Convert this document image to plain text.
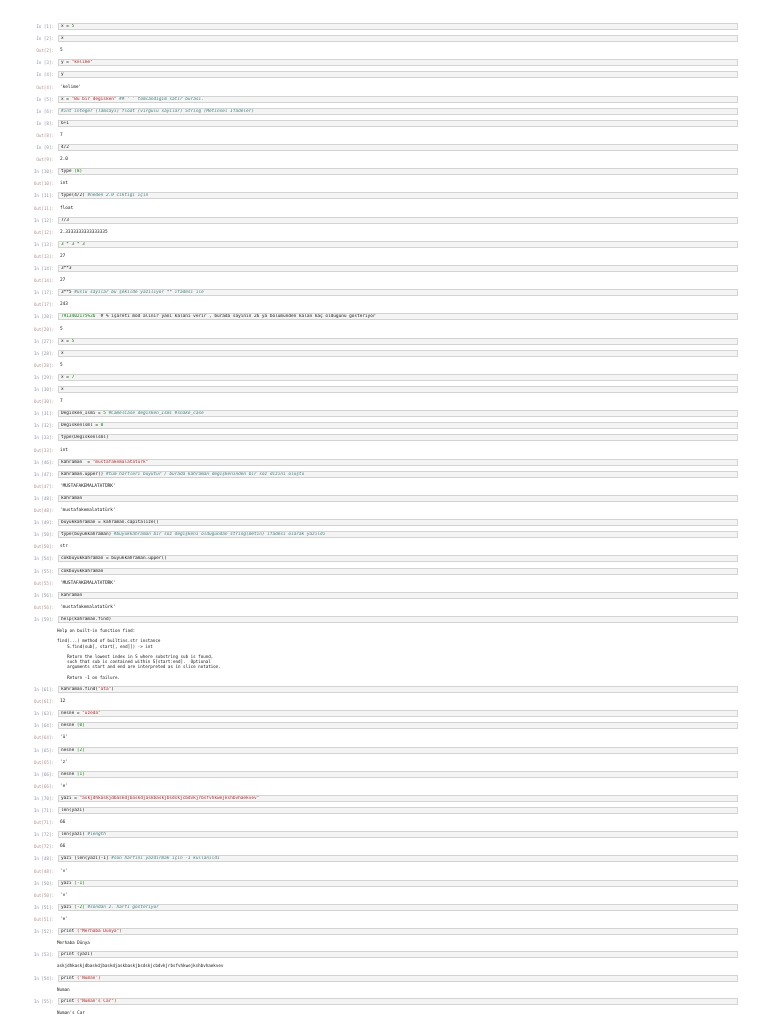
In [1]:	x = 5
In [2]:	x
Out[2]: 5
In [3]:	y = "kelime"
In [4]:	y
Out[4]: 'kelime'
In [5]:	x = "Bu bir degisken" ## ' ' tomlandığım satır burası.
In [6]:	#int integer (Tamsayı) float (virgülü sayılar) String (Metinsel İfadeler)
In [8]:	6+1
Out[8]: 7
In [9]:	4/2
Out[9]: 2.0
In [10]:	type (8)
Out[10]: int
In [11]:	type(4/2) #neden 2.0 cıktığı için
Out[11]: float
In [12]:	7/3
Out[12]: 2.3333333333333335
In [13]:	3 * 3 * 3
Out[13]: 27
In [14]:	3**3
Out[14]: 27
In [17]:	3**5 #üslü sayılar bu şekilde yazılıyor ** ifadesi ile
Out[17]: 243
In [20]:	7913402175%26  # % işareti mod alınır yani kalanı verir , burada sayının 26 ya bölümünden kalan kaç olduğunu gösteriyor
Out[20]: 5
In [27]:	x = 5
In [28]:	x
Out[28]: 5
In [29]:	x = 7
In [30]:	x
Out[30]: 7
In [31]:	Degisken_Ismi = 5 #CamelCase degisken_Ismi #snake_case
In [32]:	Degiskenlsml = 8
In [33]:	type(Degiskenlsml)
Out[33]: int
In [46]:	kahraman  = "mustafakemalatatürk"
In [47]:	kahraman.upper() #tüm harfleri büyütür / burada kahraman değişkeninden bir söz dizini oluştu
Out[47]: 'MUSTAFAKEMALATATÜRK'
In [48]:	kahraman
Out[48]: 'mustafakemalatatürk'
In [49]:	buyukkahraman = kahraman.capitalize()
In [50]:	type(buyukkahraman) #buyukkahraman bir söz değişkeni olduğundan string(metin) ifadesi olarak yazıldı
Out[50]: str
In [54]:	cokbuyukkahraman = buyukkahraman.upper()
In [55]:	cokbuyukkahraman
Out[55]: 'MUSTAFAKEMALATATÜRK'
In [56]:	kahraman
Out[56]: 'mustafakemalatatürk'
In [59]:	help(kahraman.find)
Help on built-in function find:

find(...) method of builtins.str instance
S.find(sub[, start[, end]]) -> int

Return the lowest index in S where substring sub is found,
such that sub is contained within S[start:end].  Optional
arguments start and end are interpreted as in slice notation.

Return -1 on failure.

In [61]:	kahraman.find("ata")
Out[61]: 12
In [63]:	nesne = "üzeda"
In [64]:	nesne [0]
Out[64]: 'ü'
In [65]:	nesne [2]
Out[65]: 'z'
In [66]:	nesne [1]
Out[66]: 'e'
In [70]:	yazi = "askjdhkaskjdbaskdjbaskdjaskbaskjbsdskjcbdvkjrbsfvhkwejkshbvhaekvev"
In [71]:	len(yazi)
Out[71]: 66
In [72]:	len(yazi) #length
Out[72]: 66
In [48]:	yazi [len(yazi)-1] #son harfini yazdırmak için -1 kullanıldı
Out[48]: 'v'
In [50]:	yazi [-1]
Out[50]: 'v'
In [51]:	yazi [-2] #sondan 2. harfi gösteriyor
Out[51]: 'e'
In [52]:	print ("Merhaba Dünya")
Merhaba Dünya

In [53]:	print (yazi)
askjdhkaskjdbaskdjbaskdjaskbaskjbsdskjcbdvkjrbsfvhkwejkshbvhaekvev

In [54]:	print ('Numan')
Numan

In [55]:	print ("Numan's Car")
Numan's Car
